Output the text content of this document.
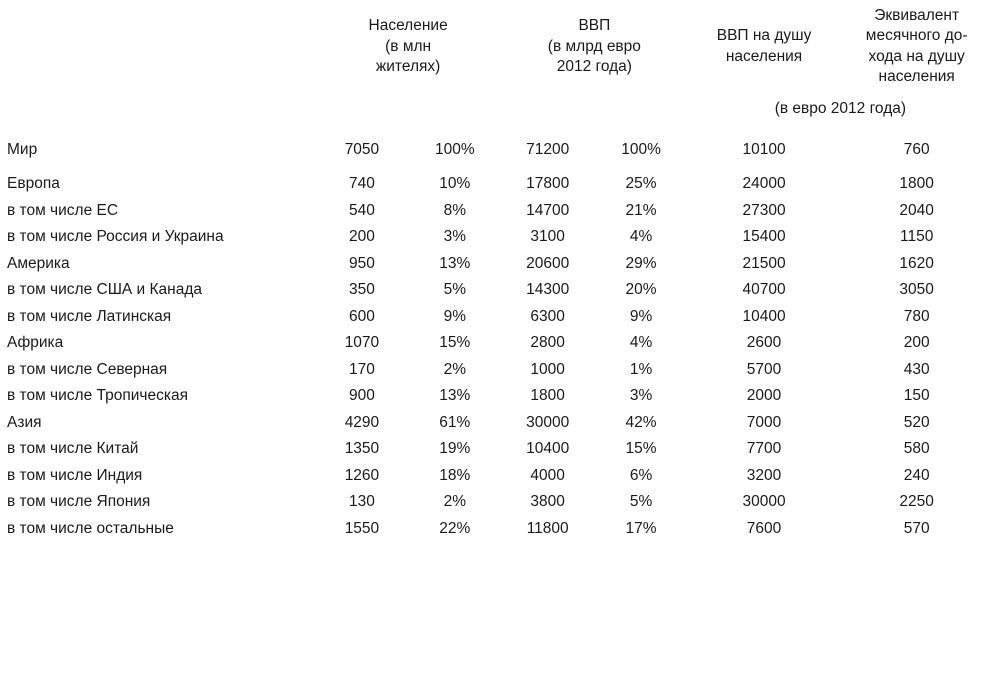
Население
(в млн
жителях)

ВВП
(в млрд евро
2012 года)

ВВП на душу
населения

Эквивалент
месячного до-
хода на душу
населения

					(в евро 2012 года)	
Мир	7050	100%	71200	100%	10100	760
Европа	740	10%	17800	25%	24000	1800
в том числе ЕС	540	8%	14700	21%	27300	2040
в том числе Россия и Украина	200	3%	3100	4%	15400	1150
Америка	950	13%	20600	29%	21500	1620
в том числе США и Канада	350	5%	14300	20%	40700	3050
в том числе Латинская	600	9%	6300	9%	10400	780
Африка	1070	15%	2800	4%	2600	200
в том числе Северная	170	2%	1000	1%	5700	430
в том числе Тропическая	900	13%	1800	3%	2000	150
Азия	4290	61%	30000	42%	7000	520
в том числе Китай	1350	19%	10400	15%	7700	580
в том числе Индия	1260	18%	4000	6%	3200	240
в том числе Япония	130	2%	3800	5%	30000	2250
в том числе остальные	1550	22%	11800	17%	7600	570
